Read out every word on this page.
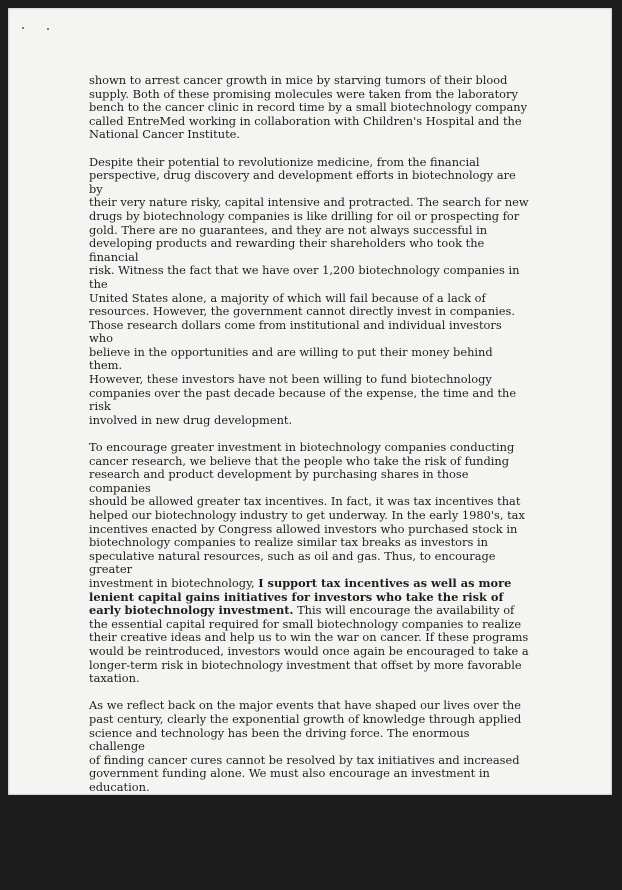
shown to arrest cancer growth in mice by starving tumors of their blood
supply. Both of these promising molecules were taken from the laboratory
bench to the cancer clinic in record time by a small biotechnology company
called EntreMed working in collaboration with Children's Hospital and the
National Cancer Institute.

Despite their potential to revolutionize medicine, from the financial
perspective, drug discovery and development efforts in biotechnology are by
their very nature risky, capital intensive and protracted. The search for new
drugs by biotechnology companies is like drilling for oil or prospecting for
gold. There are no guarantees, and they are not always successful in
developing products and rewarding their shareholders who took the financial
risk. Witness the fact that we have over 1,200 biotechnology companies in the
United States alone, a majority of which will fail because of a lack of
resources. However, the government cannot directly invest in companies.
Those research dollars come from institutional and individual investors who
believe in the opportunities and are willing to put their money behind them.
However, these investors have not been willing to fund biotechnology
companies over the past decade because of the expense, the time and the risk
involved in new drug development.

To encourage greater investment in biotechnology companies conducting
cancer research, we believe that the people who take the risk of funding
research and product development by purchasing shares in those companies
should be allowed greater tax incentives. In fact, it was tax incentives that
helped our biotechnology industry to get underway. In the early 1980's, tax
incentives enacted by Congress allowed investors who purchased stock in
biotechnology companies to realize similar tax breaks as investors in
speculative natural resources, such as oil and gas. Thus, to encourage greater
investment in biotechnology, I support tax incentives as well as more
lenient capital gains initiatives for investors who take the risk of
early biotechnology investment. This will encourage the availability of
the essential capital required for small biotechnology companies to realize
their creative ideas and help us to win the war on cancer. If these programs
would be reintroduced, investors would once again be encouraged to take a
longer-term risk in biotechnology investment that offset by more favorable
taxation.

As we reflect back on the major events that have shaped our lives over the
past century, clearly the exponential growth of knowledge through applied
science and technology has been the driving force. The enormous challenge
of finding cancer cures cannot be resolved by tax initiatives and increased
government funding alone. We must also encourage an investment in
education.

By the very nature of the process of discovery, the timing of scientific
breakthroughs is always unpredictable. But chance does favor a prepared
mind. We want to prepare those minds by initiating the first new initiative
to educate new scientists since Sputnik. You may recall that the launching of
